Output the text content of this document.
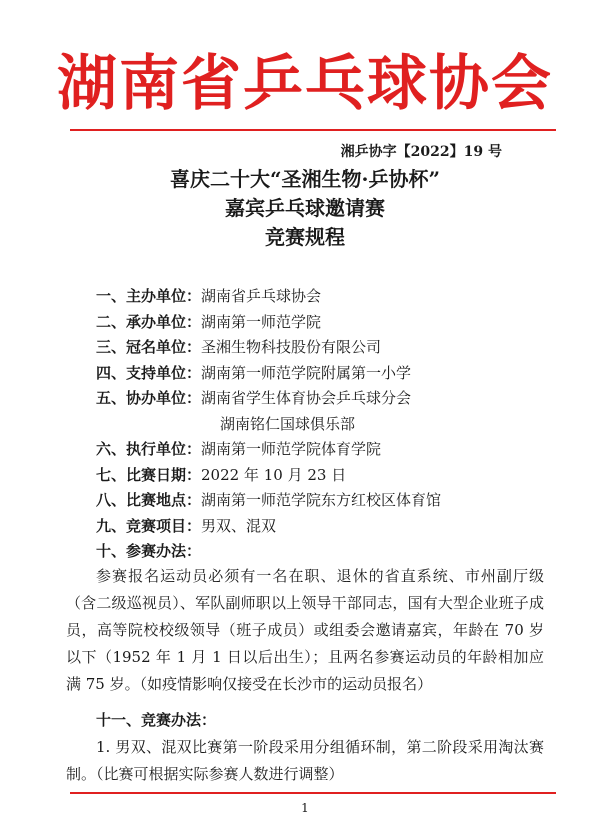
湖南省乒乓球协会
湘乒协字【2022】19 号
喜庆二十大“圣湘生物·乒协杯”
嘉宾乒乓球邀请赛
竞赛规程
一、主办单位：湖南省乒乓球协会
二、承办单位：湖南第一师范学院
三、冠名单位：圣湘生物科技股份有限公司
四、支持单位：湖南第一师范学院附属第一小学
五、协办单位：湖南省学生体育协会乒乓球分会
湖南铭仁国球俱乐部
六、执行单位：湖南第一师范学院体育学院
七、比赛日期：2022 年 10 月 23 日
八、比赛地点：湖南第一师范学院东方红校区体育馆
九、竞赛项目：男双、混双
十、参赛办法：

参赛报名运动员必须有一名在职、退休的省直系统、市州副厅级（含二级巡视员）、军队副师职以上领导干部同志，国有大型企业班子成员，高等院校校级领导（班子成员）或组委会邀请嘉宾，年龄在 70 岁以下（1952 年 1 月 1 日以后出生）；且两名参赛运动员的年龄相加应满 75 岁。（如疫情影响仅接受在长沙市的运动员报名）

十一、竞赛办法：

1. 男双、混双比赛第一阶段采用分组循环制，第二阶段采用淘汰赛制。（比赛可根据实际参赛人数进行调整）

1
